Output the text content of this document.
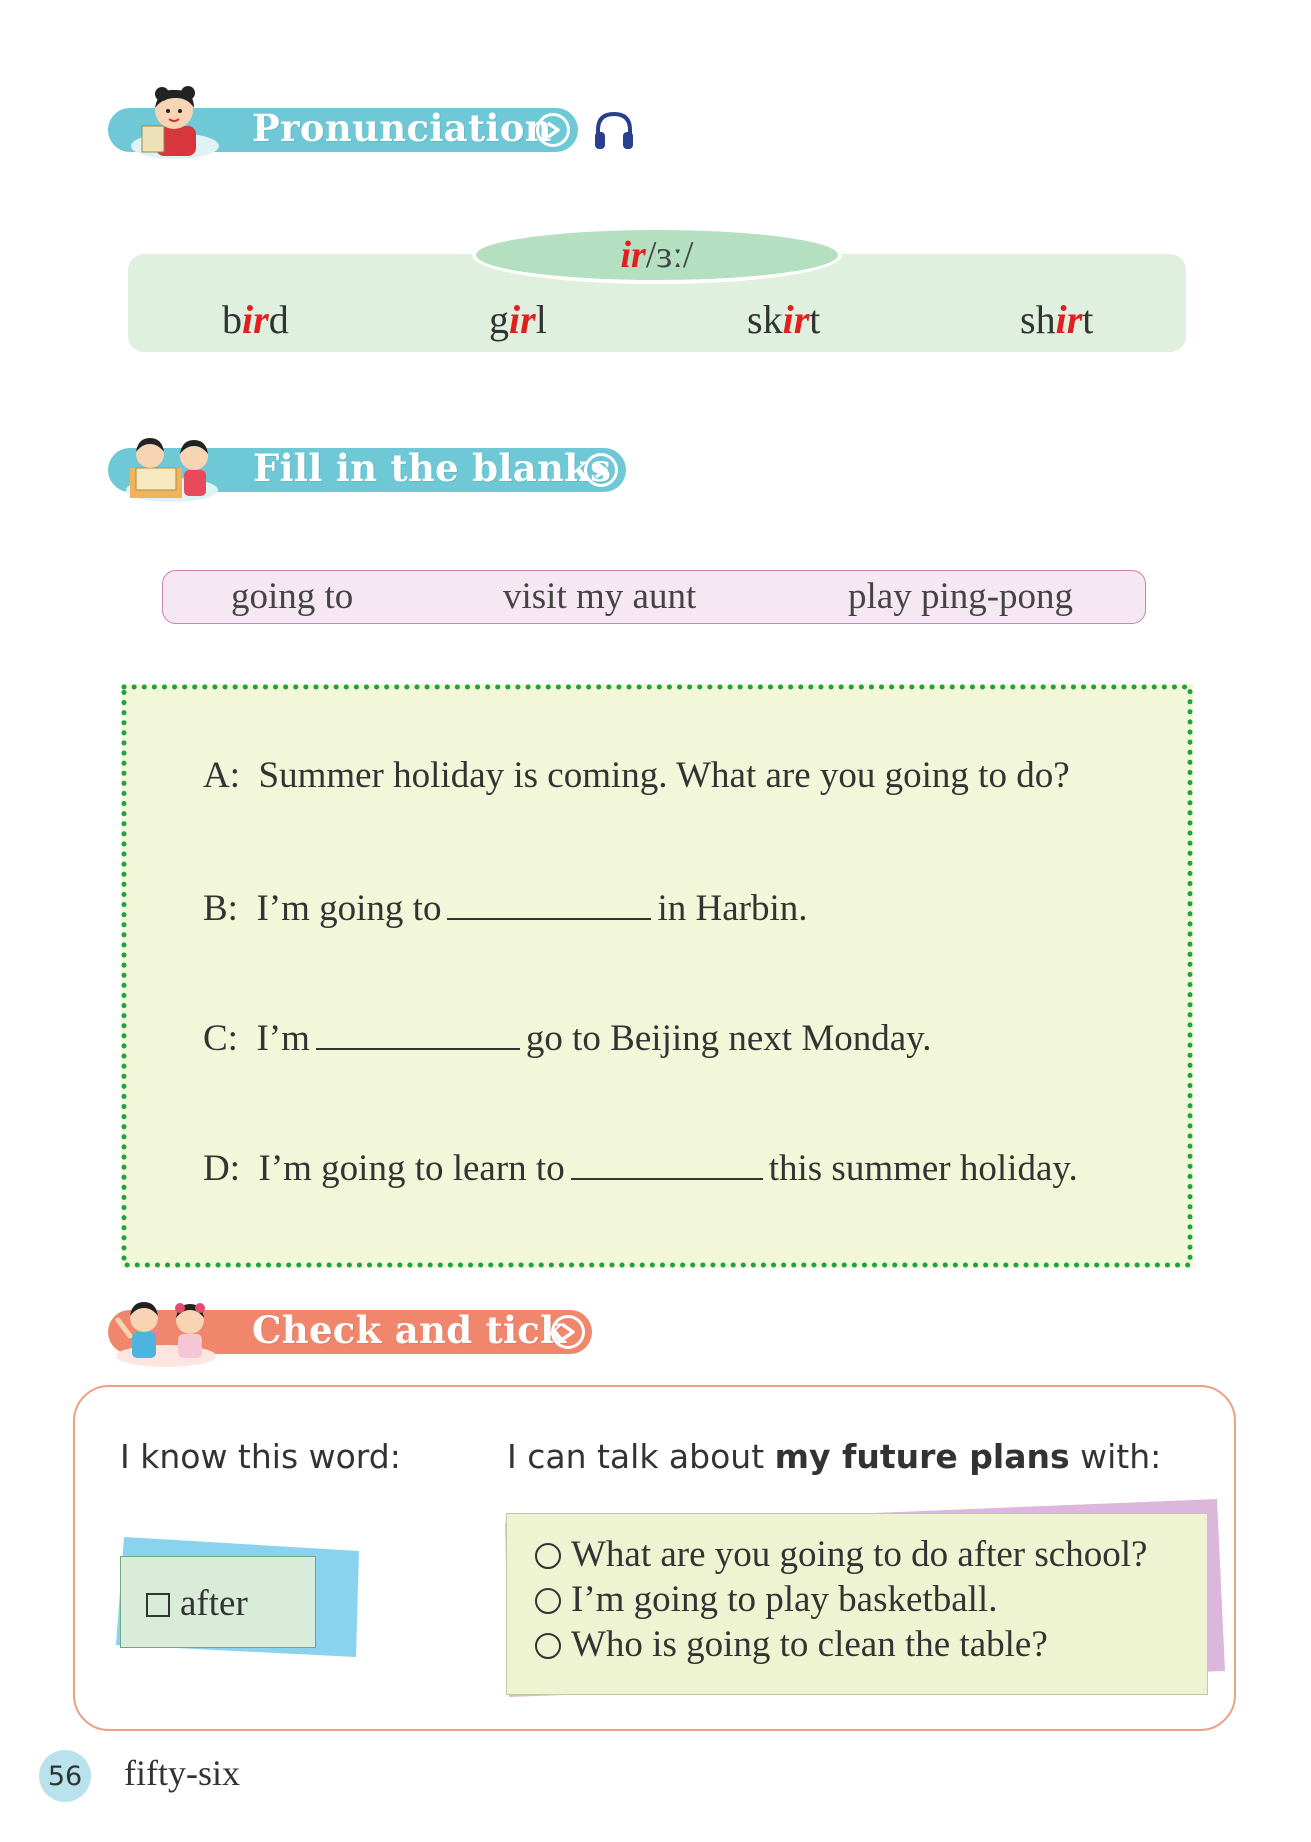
Pronunciation
ir /ɜː/
bird	girl	skirt	shirt
Fill in the blanks
going to	visit my aunt	play ping-pong
A: Summer holiday is coming. What are you going to do?
B: I’m going to	in Harbin.
C: I’m	go to Beijing next Monday.
D: I’m going to learn to	this summer holiday.
Check and tick
I know this word:	I can talk about my future plans with:
after
What are you going to do after school?
I’m going to play basketball.
Who is going to clean the table?
56 fifty-six
